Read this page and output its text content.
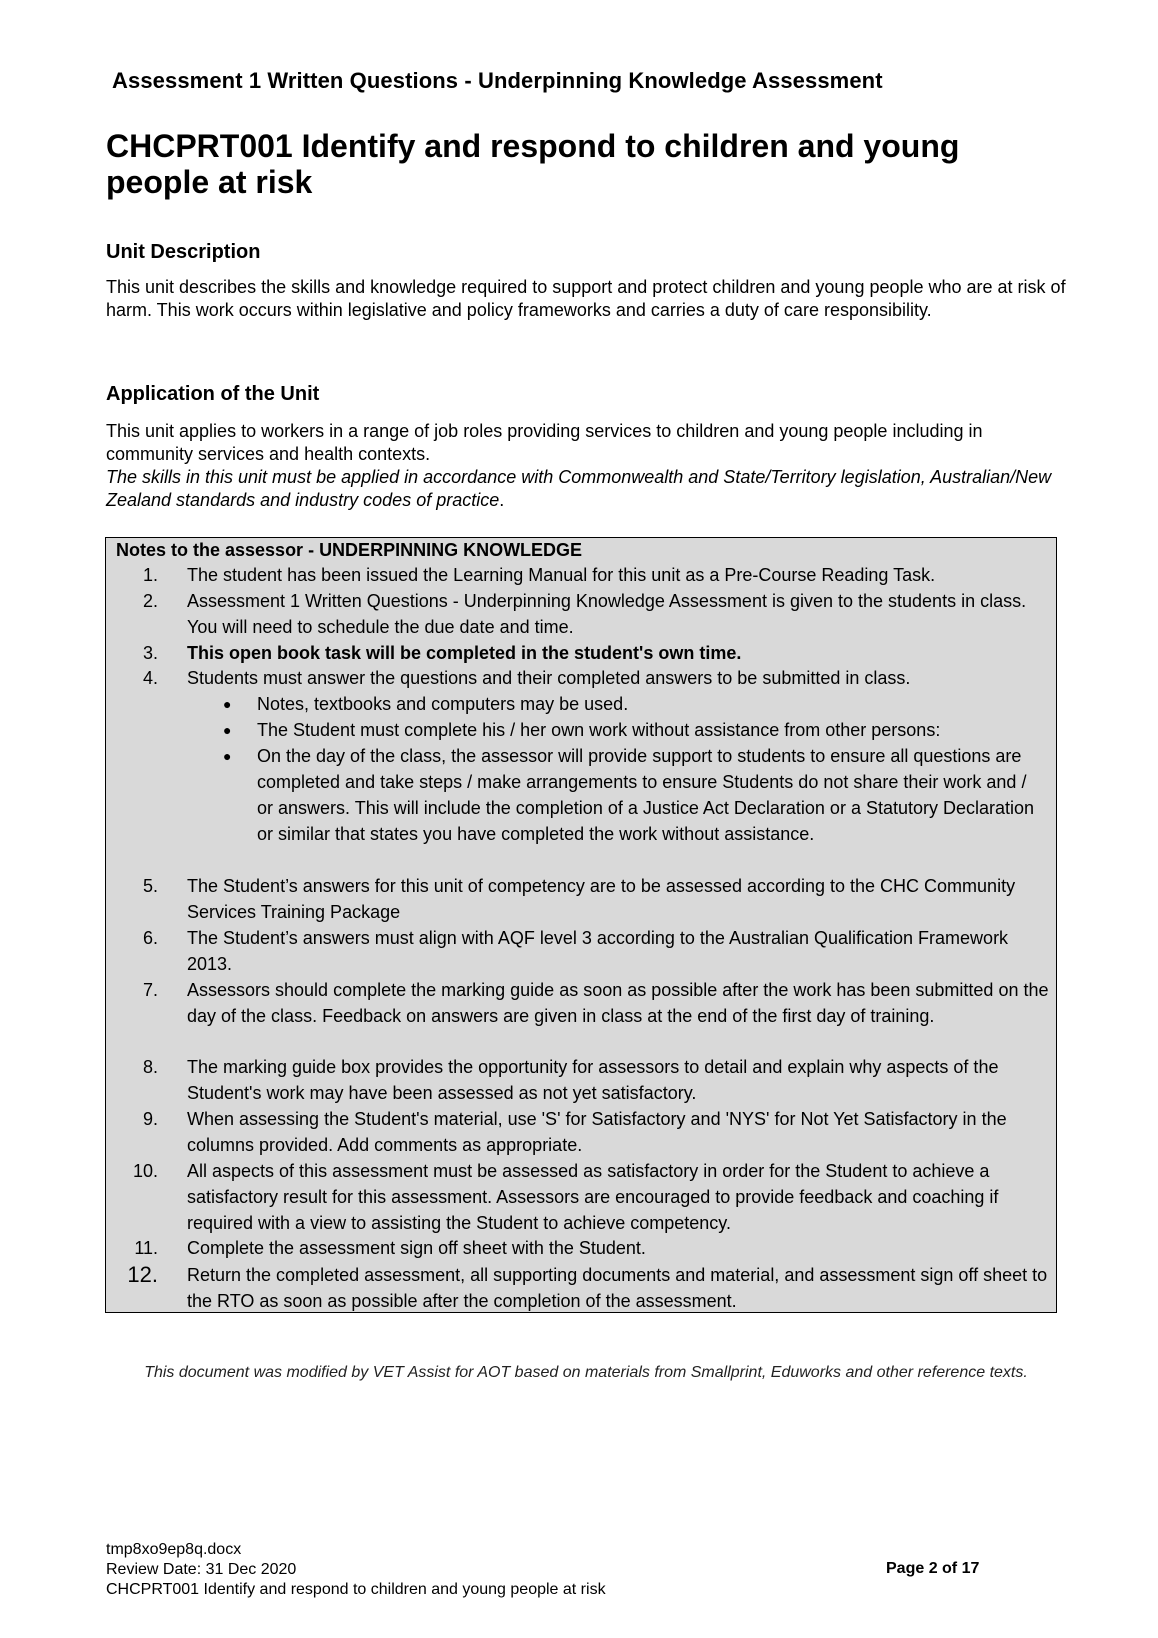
Assessment 1 Written Questions - Underpinning Knowledge Assessment
CHCPRT001 Identify and respond to children and young people at risk
Unit Description
This unit describes the skills and knowledge required to support and protect children and young people who are at risk of harm. This work occurs within legislative and policy frameworks and carries a duty of care responsibility.
Application of the Unit
This unit applies to workers in a range of job roles providing services to children and young people including in community services and health contexts.
The skills in this unit must be applied in accordance with Commonwealth and State/Territory legislation, Australian/New Zealand standards and industry codes of practice.
Notes to the assessor - UNDERPINNING KNOWLEDGE
1. The student has been issued the Learning Manual for this unit as a Pre-Course Reading Task.
2. Assessment 1 Written Questions - Underpinning Knowledge Assessment is given to the students in class. You will need to schedule the due date and time.
3. This open book task will be completed in the student's own time.
4. Students must answer the questions and their completed answers to be submitted in class.
● Notes, textbooks and computers may be used.
● The Student must complete his / her own work without assistance from other persons:
● On the day of the class, the assessor will provide support to students to ensure all questions are completed and take steps / make arrangements to ensure Students do not share their work and / or answers. This will include the completion of a Justice Act Declaration or a Statutory Declaration or similar that states you have completed the work without assistance.
5. The Student’s answers for this unit of competency are to be assessed according to the CHC Community Services Training Package
6. The Student’s answers must align with AQF level 3 according to the Australian Qualification Framework 2013.
7. Assessors should complete the marking guide as soon as possible after the work has been submitted on the day of the class. Feedback on answers are given in class at the end of the first day of training.
8. The marking guide box provides the opportunity for assessors to detail and explain why aspects of the Student's work may have been assessed as not yet satisfactory.
9. When assessing the Student's material, use 'S' for Satisfactory and 'NYS' for Not Yet Satisfactory in the columns provided. Add comments as appropriate.
10. All aspects of this assessment must be assessed as satisfactory in order for the Student to achieve a satisfactory result for this assessment. Assessors are encouraged to provide feedback and coaching if required with a view to assisting the Student to achieve competency.
11. Complete the assessment sign off sheet with the Student.
12. Return the completed assessment, all supporting documents and material, and assessment sign off sheet to the RTO as soon as possible after the completion of the assessment.
This document was modified by VET Assist for AOT based on materials from Smallprint, Eduworks and other reference texts.
tmp8xo9ep8q.docx
Review Date: 31 Dec 2020
CHCPRT001 Identify and respond to children and young people at risk
Page 2 of 17
